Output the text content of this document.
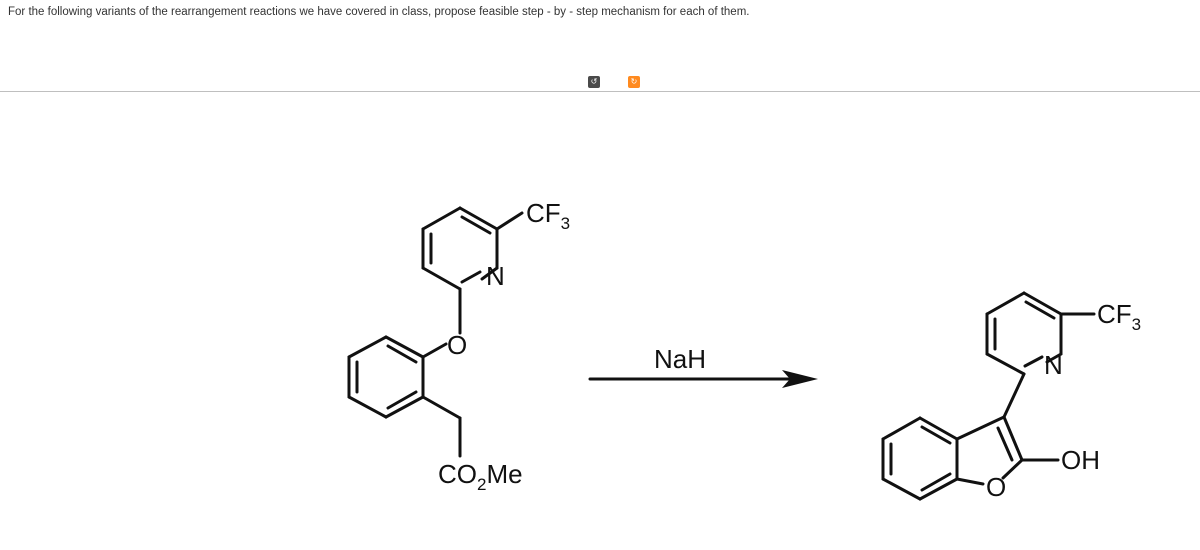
For the following variants of the rearrangement reactions we have covered in class, propose feasible step - by - step mechanism for each of them.
↺	↻
$CF_3$
N
O
$CO_2Me$
NaH
$CF_3$
N
OH
O
